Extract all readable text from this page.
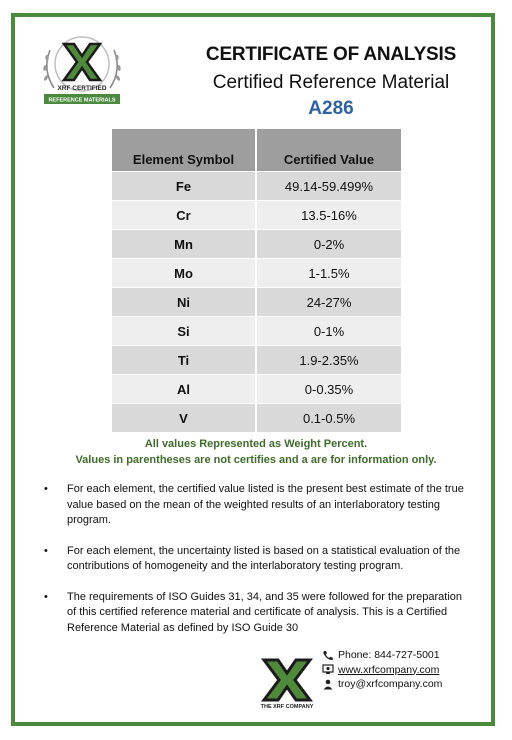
XRF CERTIFIED
REFERENCE MATERIALS
CERTIFICATE OF ANALYSIS
Certified Reference Material
A286
Element Symbol	Certified Value
Fe	49.14-59.499%
Cr	13.5-16%
Mn	0-2%
Mo	1-1.5%
Ni	24-27%
Si	0-1%
Ti	1.9-2.35%
Al	0-0.35%
V	0.1-0.5%
All values Represented as Weight Percent.
Values in parentheses are not certifies and a are for information only.
• For each element, the certified value listed is the present best estimate of the true value based on the mean of the weighted results of an interlaboratory testing program.
• For each element, the uncertainty listed is based on a statistical evaluation of the contributions of homogeneity and the interlaboratory testing program.
• The requirements of ISO Guides 31, 34, and 35 were followed for the preparation of this certified reference material and certificate of analysis. This is a Certified Reference Material as defined by ISO Guide 30
THE XRF COMPANY
Phone: 844-727-5001
www.xrfcompany.com
troy@xrfcompany.com
